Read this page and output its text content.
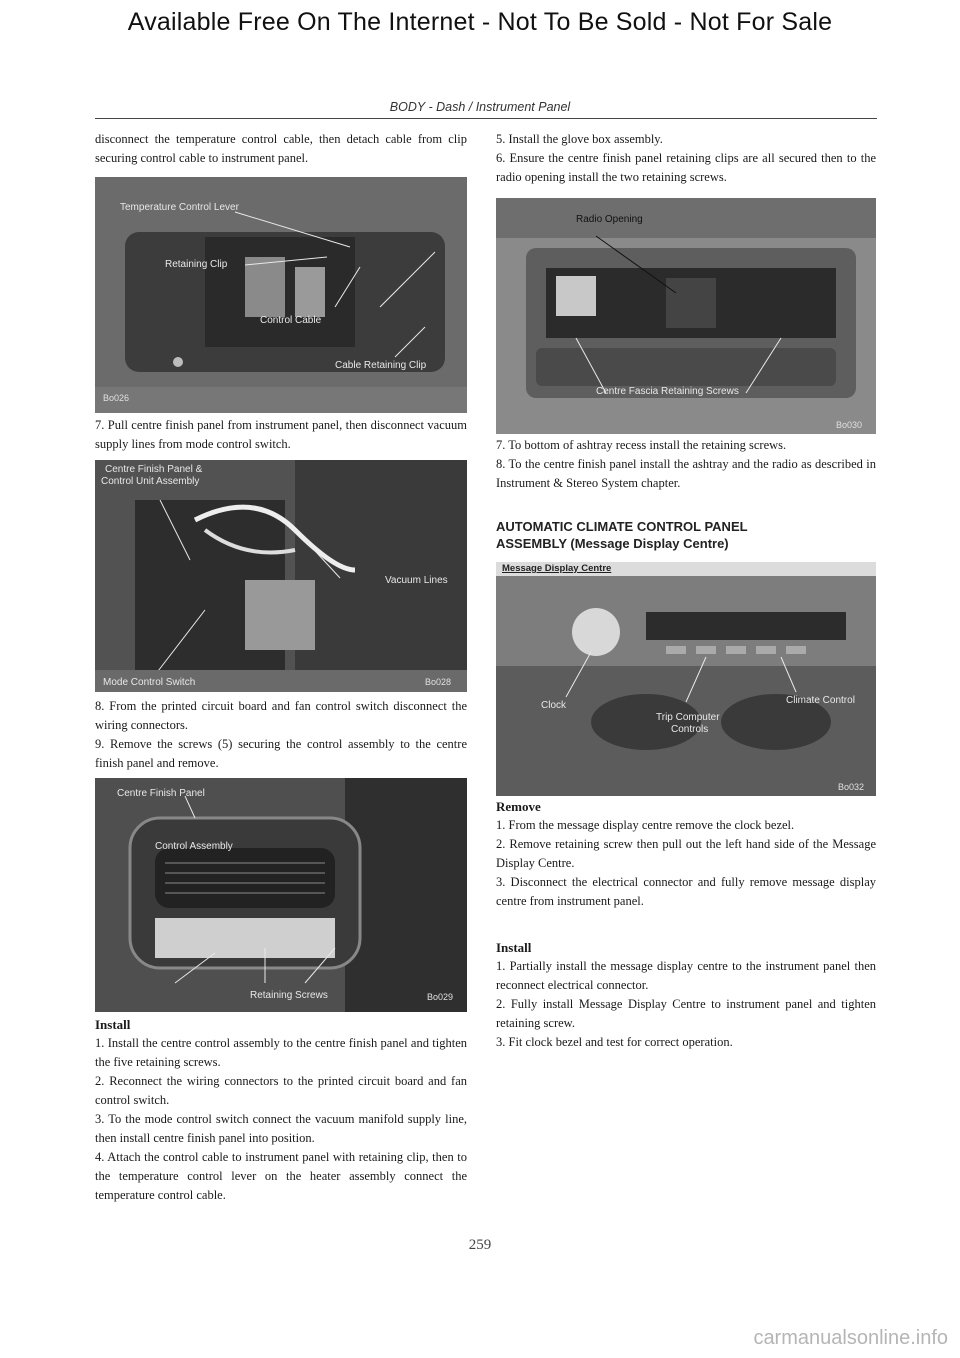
Available Free On The Internet - Not To Be Sold - Not For Sale
BODY - Dash / Instrument Panel

disconnect the temperature control cable, then detach cable from clip securing control cable to instrument panel.

Temperature Control Lever
Retaining Clip
Control Cable
Cable Retaining Clip
Bo026

7. Pull centre finish panel from instrument panel, then disconnect vacuum supply lines from mode control switch.

Centre Finish Panel &
Control Unit Assembly
Vacuum Lines
Mode Control Switch	Bo028

8. From the printed circuit board and fan control switch disconnect the wiring connectors.

9. Remove the screws (5) securing the control assembly to the centre finish panel and remove.

Centre Finish Panel
Control Assembly
Retaining Screws	Bo029

Install

1. Install the centre control assembly to the centre finish panel and tighten the five retaining screws.

2. Reconnect the wiring connectors to the printed circuit board and fan control switch.

3. To the mode control switch connect the vacuum manifold supply line, then install centre finish panel into position.

4. Attach the control cable to instrument panel with retaining clip, then to the temperature control lever on the heater assembly connect the temperature control cable.

5. Install the glove box assembly.

6. Ensure the centre finish panel retaining clips are all secured then to the radio opening install the two retaining screws.

Radio Opening
Centre Fascia Retaining Screws
Bo030

7. To bottom of ashtray recess install the retaining screws.

8. To the centre finish panel install the ashtray and the radio as described in Instrument & Stereo System chapter.

AUTOMATIC CLIMATE CONTROL PANEL
ASSEMBLY (Message Display Centre)
Message Display Centre
Clock	Climate Control
Trip Computer
Controls
Bo032

Remove

1. From the message display centre remove the clock bezel.

2. Remove retaining screw then pull out the left hand side of the Message Display Centre.

3. Disconnect the electrical connector and fully remove message display centre from instrument panel.

Install

1. Partially install the message display centre to the instrument panel then reconnect electrical connector.

2. Fully install Message Display Centre to instrument panel and tighten retaining screw.

3. Fit clock bezel and test for correct operation.

259
carmanualsonline.info
